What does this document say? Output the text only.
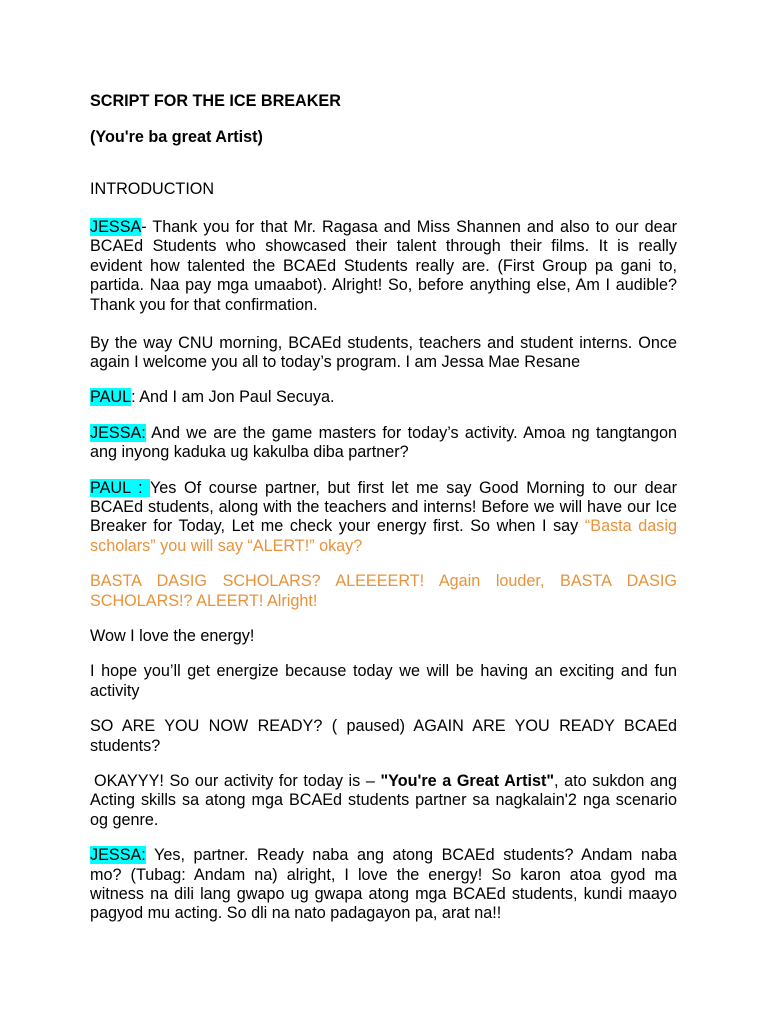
SCRIPT FOR THE ICE BREAKER
(You're ba great Artist)
INTRODUCTION
JESSA- Thank you for that Mr. Ragasa and Miss Shannen and also to our dear
BCAEd Students who showcased their talent through their films. It is really
evident how talented the BCAEd Students really are. (First Group pa gani to,
partida. Naa pay mga umaabot). Alright! So, before anything else, Am I audible?
Thank you for that confirmation.
By the way CNU morning, BCAEd students, teachers and student interns. Once
again I welcome you all to today’s program. I am Jessa Mae Resane
PAUL: And I am Jon Paul Secuya.
JESSA: And we are the game masters for today’s activity. Amoa ng tangtangon
ang inyong kaduka ug kakulba diba partner?
PAUL : Yes Of course partner, but first let me say Good Morning to our dear
BCAEd students, along with the teachers and interns! Before we will have our Ice
Breaker for Today, Let me check your energy first. So when I say “Basta dasig
scholars” you will say “ALERT!” okay?
BASTA DASIG SCHOLARS? ALEEEERT! Again louder, BASTA DASIG
SCHOLARS!? ALEERT! Alright!
Wow I love the energy!
I hope you’ll get energize because today we will be having an exciting and fun
activity
SO ARE YOU NOW READY? ( paused) AGAIN ARE YOU READY BCAEd
students?
OKAYYY! So our activity for today is – "You're a Great Artist", ato sukdon ang
Acting skills sa atong mga BCAEd students partner sa nagkalain'2 nga scenario
og genre.
JESSA: Yes, partner. Ready naba ang atong BCAEd students? Andam naba
mo? (Tubag: Andam na) alright, I love the energy! So karon atoa gyod ma
witness na dili lang gwapo ug gwapa atong mga BCAEd students, kundi maayo
pagyod mu acting. So dli na nato padagayon pa, arat na!!
